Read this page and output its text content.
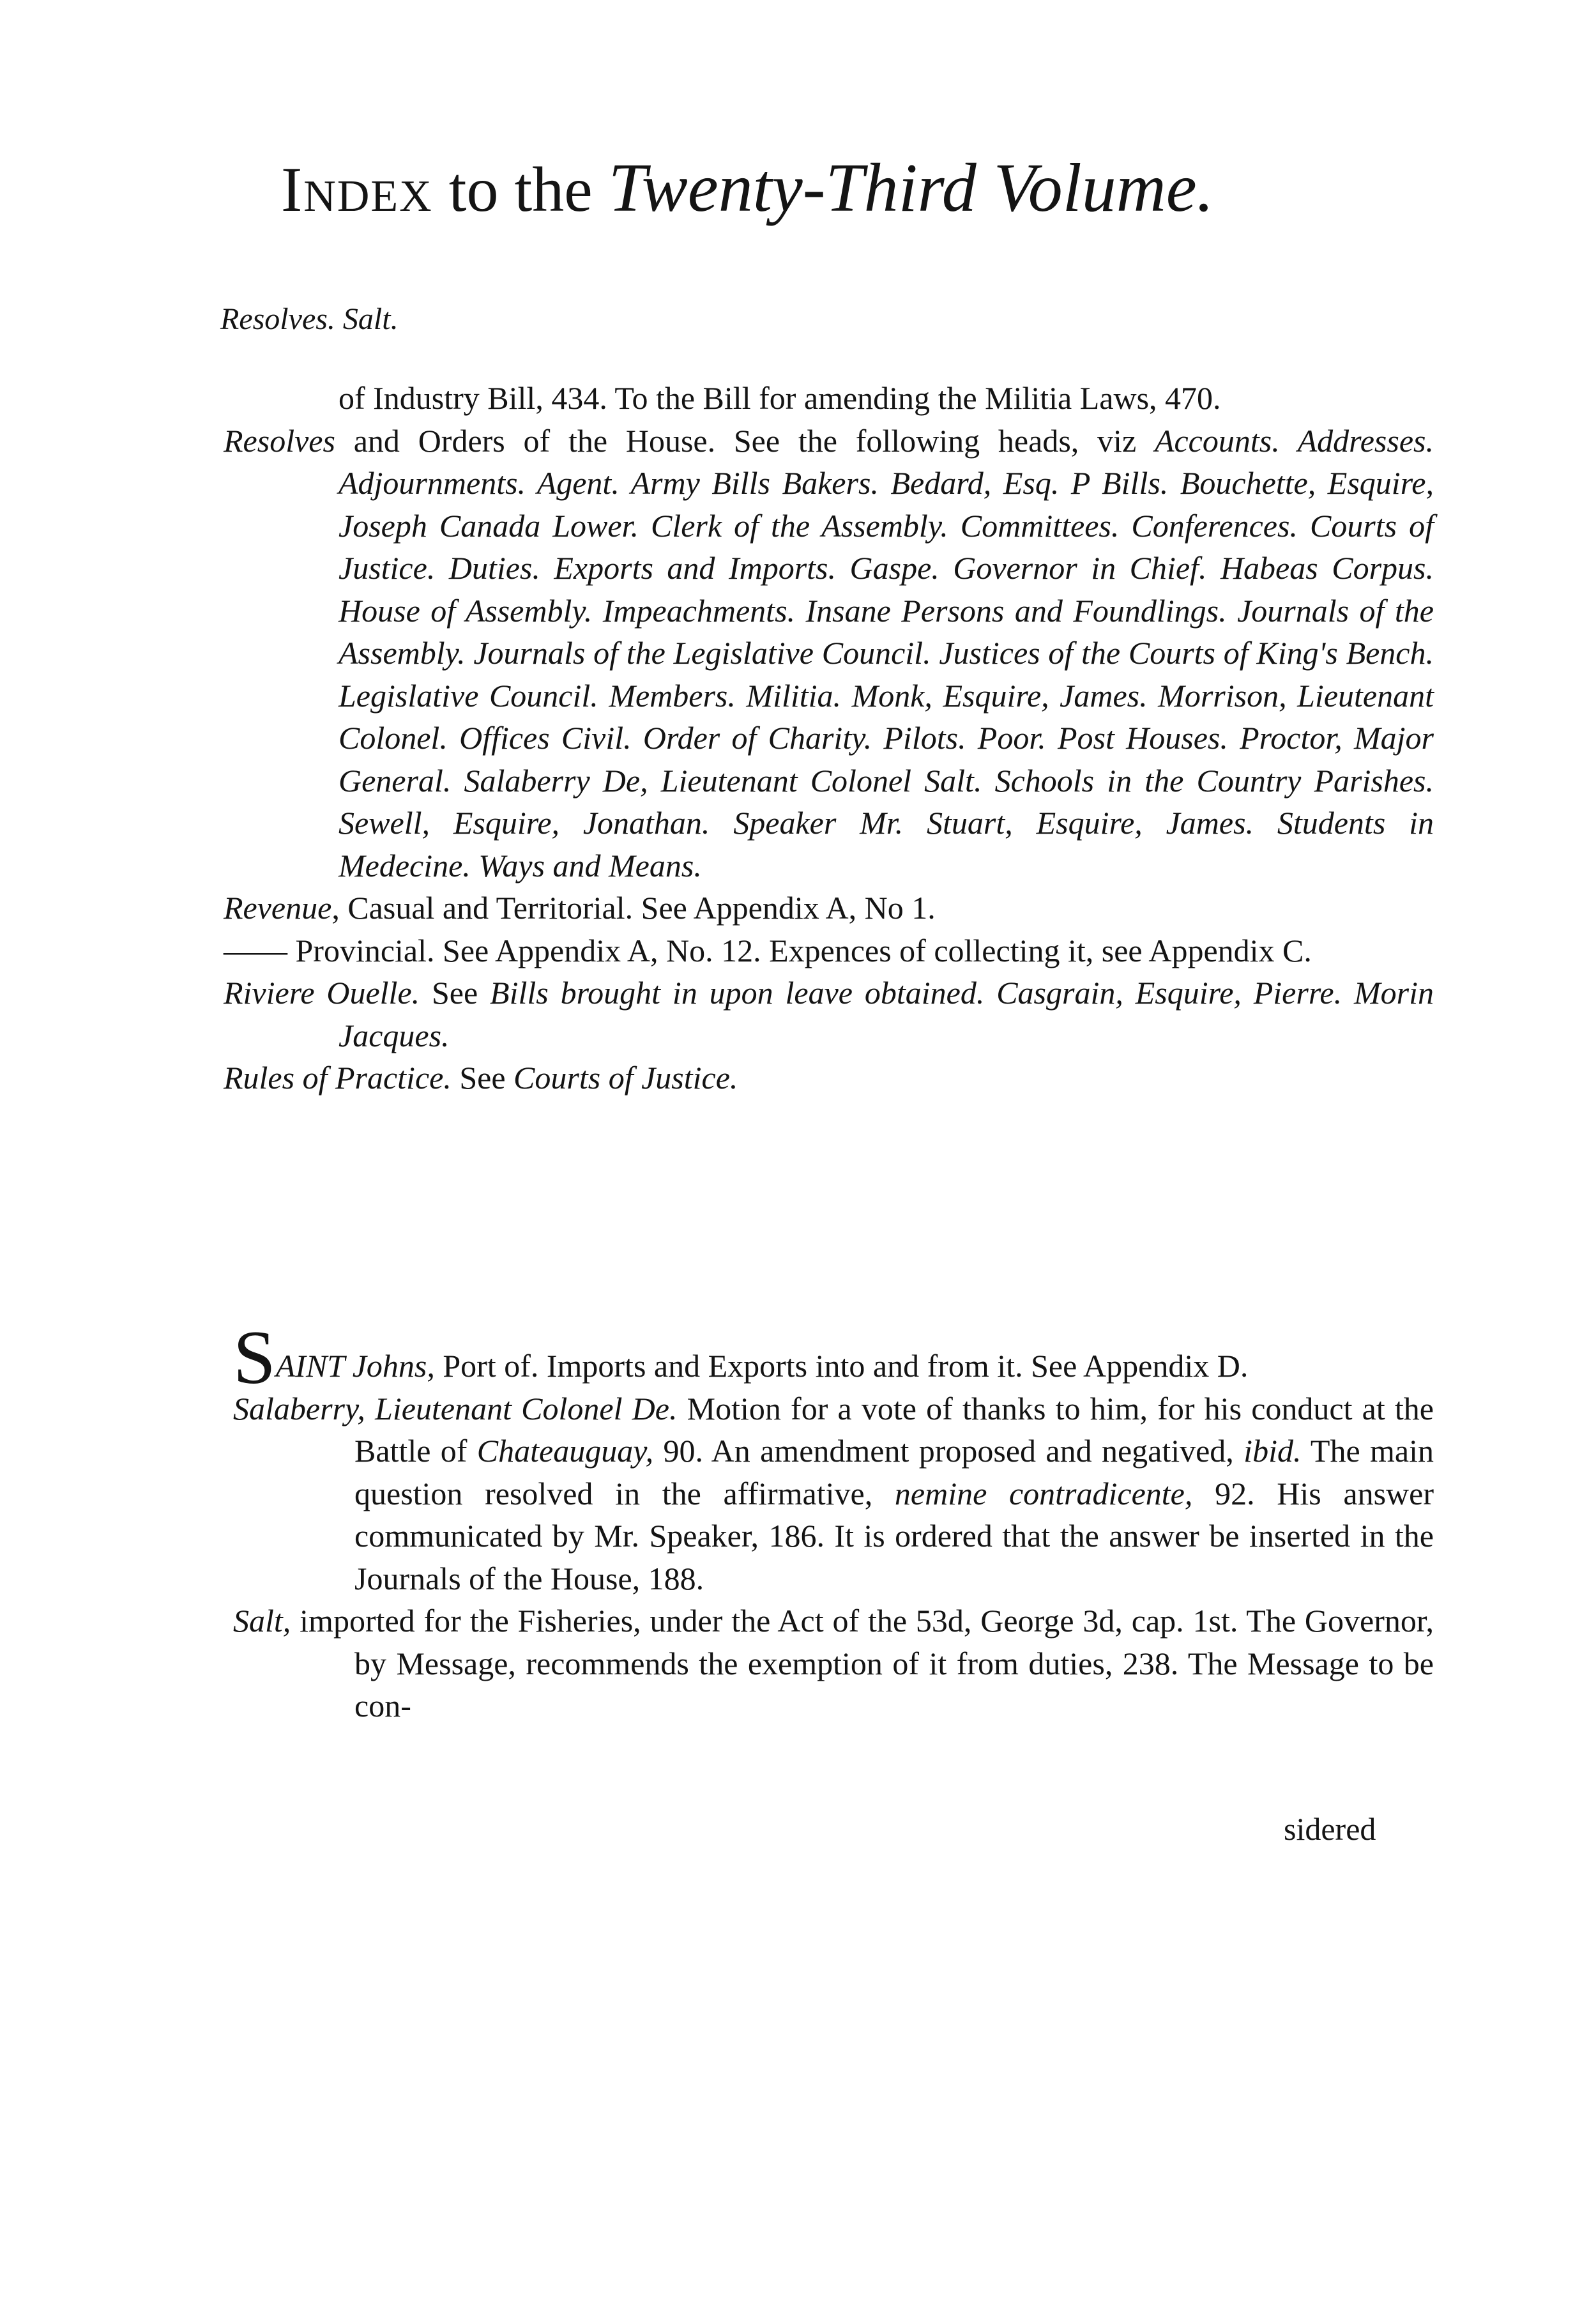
Index to the Twenty-Third Volume.
Resolves. Salt.

of Industry Bill, 434. To the Bill for amending the Militia Laws, 470.

Resolves and Orders of the House. See the following heads, viz Accounts. Addresses. Adjournments. Agent. Army Bills Bakers. Bedard, Esq. P Bills. Bouchette, Esquire, Joseph Canada Lower. Clerk of the Assembly. Committees. Conferences. Courts of Justice. Duties. Exports and Imports. Gaspe. Governor in Chief. Habeas Corpus. House of Assembly. Impeachments. Insane Persons and Foundlings. Journals of the Assembly. Journals of the Legislative Council. Justices of the Courts of King's Bench. Legislative Council. Members. Militia. Monk, Esquire, James. Morrison, Lieutenant Colonel. Offices Civil. Order of Charity. Pilots. Poor. Post Houses. Proctor, Major General. Salaberry De, Lieutenant Colonel Salt. Schools in the Country Parishes. Sewell, Esquire, Jonathan. Speaker Mr. Stuart, Esquire, James. Students in Medecine. Ways and Means.

Revenue, Casual and Territorial. See Appendix A, No 1.

—— Provincial. See Appendix A, No. 12. Expences of collecting it, see Appendix C.

Riviere Ouelle. See Bills brought in upon leave obtained. Casgrain, Esquire, Pierre. Morin Jacques.

Rules of Practice. See Courts of Justice.

SAINT Johns, Port of. Imports and Exports into and from it. See Appendix D.

Salaberry, Lieutenant Colonel De. Motion for a vote of thanks to him, for his conduct at the Battle of Chateauguay, 90. An amendment proposed and negatived, ibid. The main question resolved in the affirmative, nemine contradicente, 92. His answer communicated by Mr. Speaker, 186. It is ordered that the answer be inserted in the Journals of the House, 188.

Salt, imported for the Fisheries, under the Act of the 53d, George 3d, cap. 1st. The Governor, by Message, recommends the exemption of it from duties, 238. The Message to be con-

sidered
